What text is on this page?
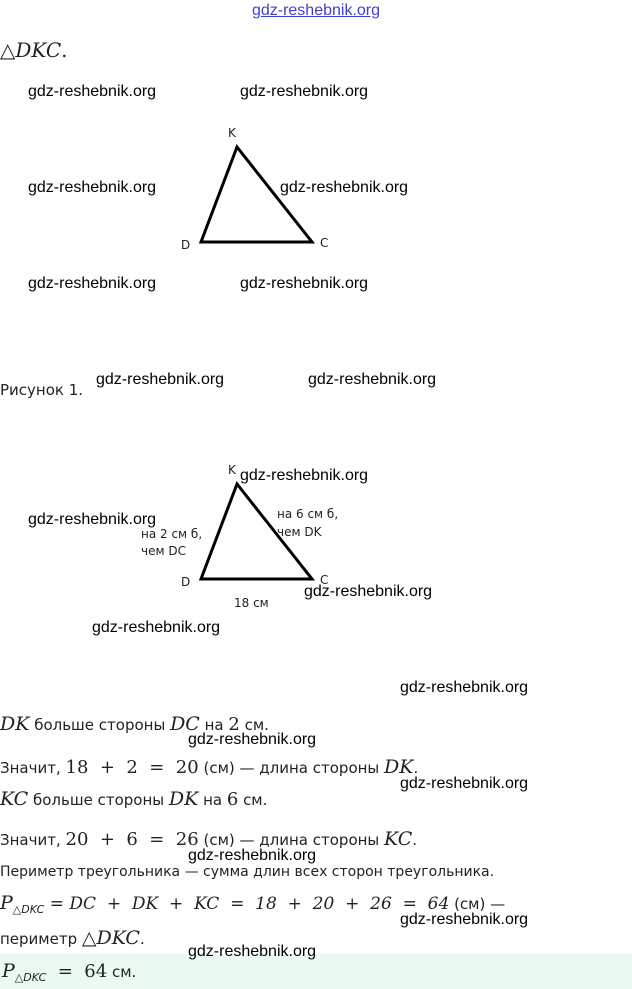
gdz-reshebnik.org
△DKC.
K
D	C
Рисунок 1.
K
D	C
на 2 см б,
чем DC
на 6 см б,
чем DK
18 см
DK больше стороны DC на 2 см.
Значит, 18  +  2  =  20 (см) — длина стороны DK.
KC больше стороны DK на 6 см.
Значит, 20  +  6  =  26 (см) — длина стороны KC.
Периметр треугольника — сумма длин всех сторон треугольника.
$P_{\triangle DKC}$ = DC  +  DK  +  KC  =  18  +  20  +  26  =  64 (см) —
периметр △DKC.
$P_{\triangle DKC} = 64$ см.
gdz-reshebnik.org	gdz-reshebnik.org
gdz-reshebnik.org	gdz-reshebnik.org
gdz-reshebnik.org	gdz-reshebnik.org
gdz-reshebnik.org	gdz-reshebnik.org
gdz-reshebnik.org
gdz-reshebnik.org
gdz-reshebnik.org
gdz-reshebnik.org
gdz-reshebnik.org
gdz-reshebnik.org
gdz-reshebnik.org
gdz-reshebnik.org
gdz-reshebnik.org
gdz-reshebnik.org
